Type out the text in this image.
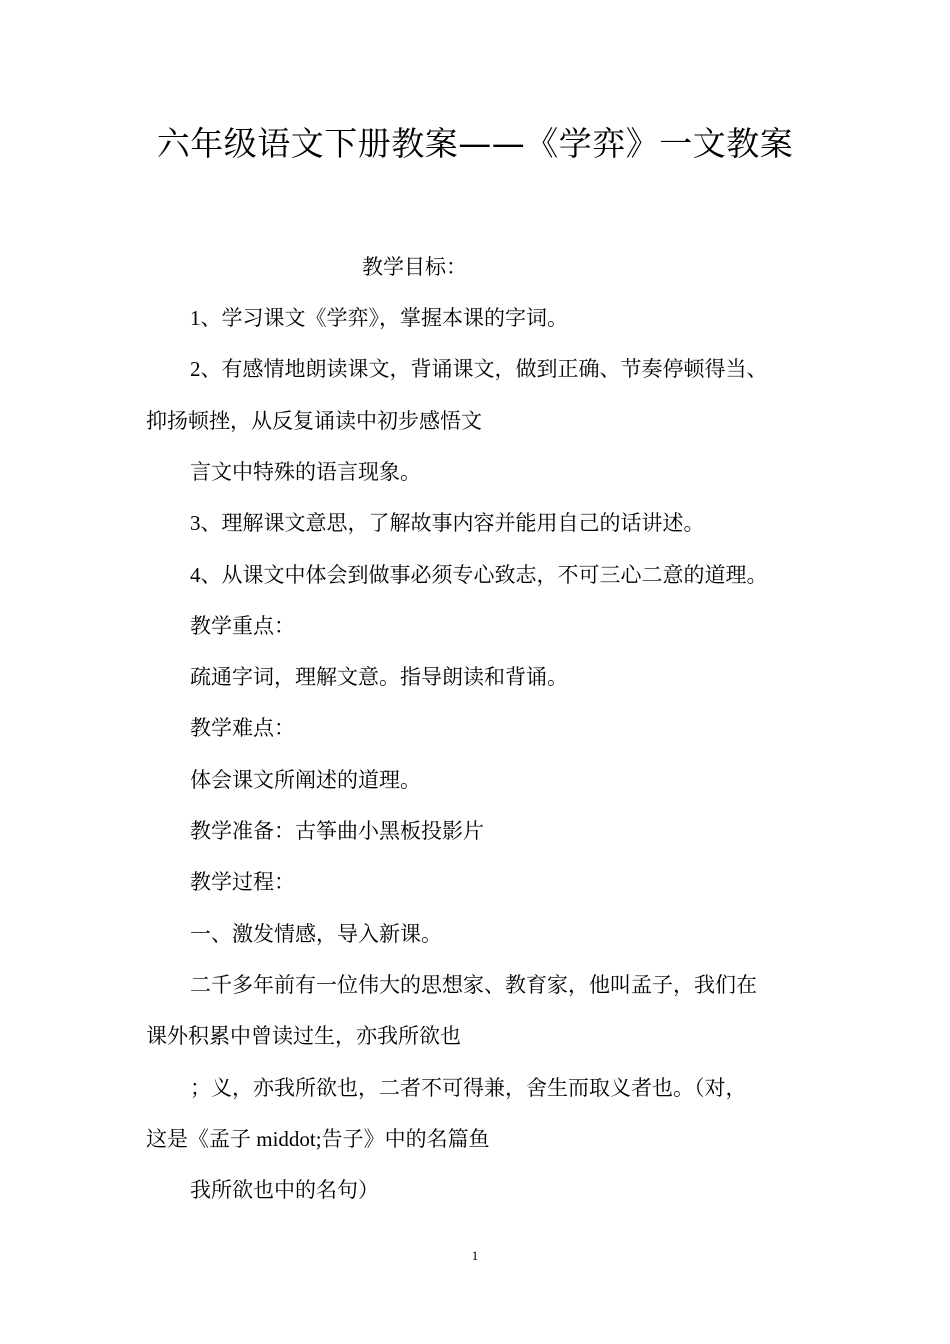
六年级语文下册教案——《学弈》一文教案
教学目标：
1、学习课文《学弈》，掌握本课的字词。
2、有感情地朗读课文，背诵课文，做到正确、节奏停顿得当、
抑扬顿挫，从反复诵读中初步感悟文
言文中特殊的语言现象。
3、理解课文意思，了解故事内容并能用自己的话讲述。
4、从课文中体会到做事必须专心致志，不可三心二意的道理。
教学重点：
疏通字词，理解文意。指导朗读和背诵。
教学难点：
体会课文所阐述的道理。
教学准备：古筝曲小黑板投影片
教学过程：
一、激发情感，导入新课。
二千多年前有一位伟大的思想家、教育家，他叫孟子，我们在
课外积累中曾读过生，亦我所欲也
；义，亦我所欲也，二者不可得兼，舍生而取义者也。（对，
这是《孟子 middot;告子》中的名篇鱼
我所欲也中的名句）
1
